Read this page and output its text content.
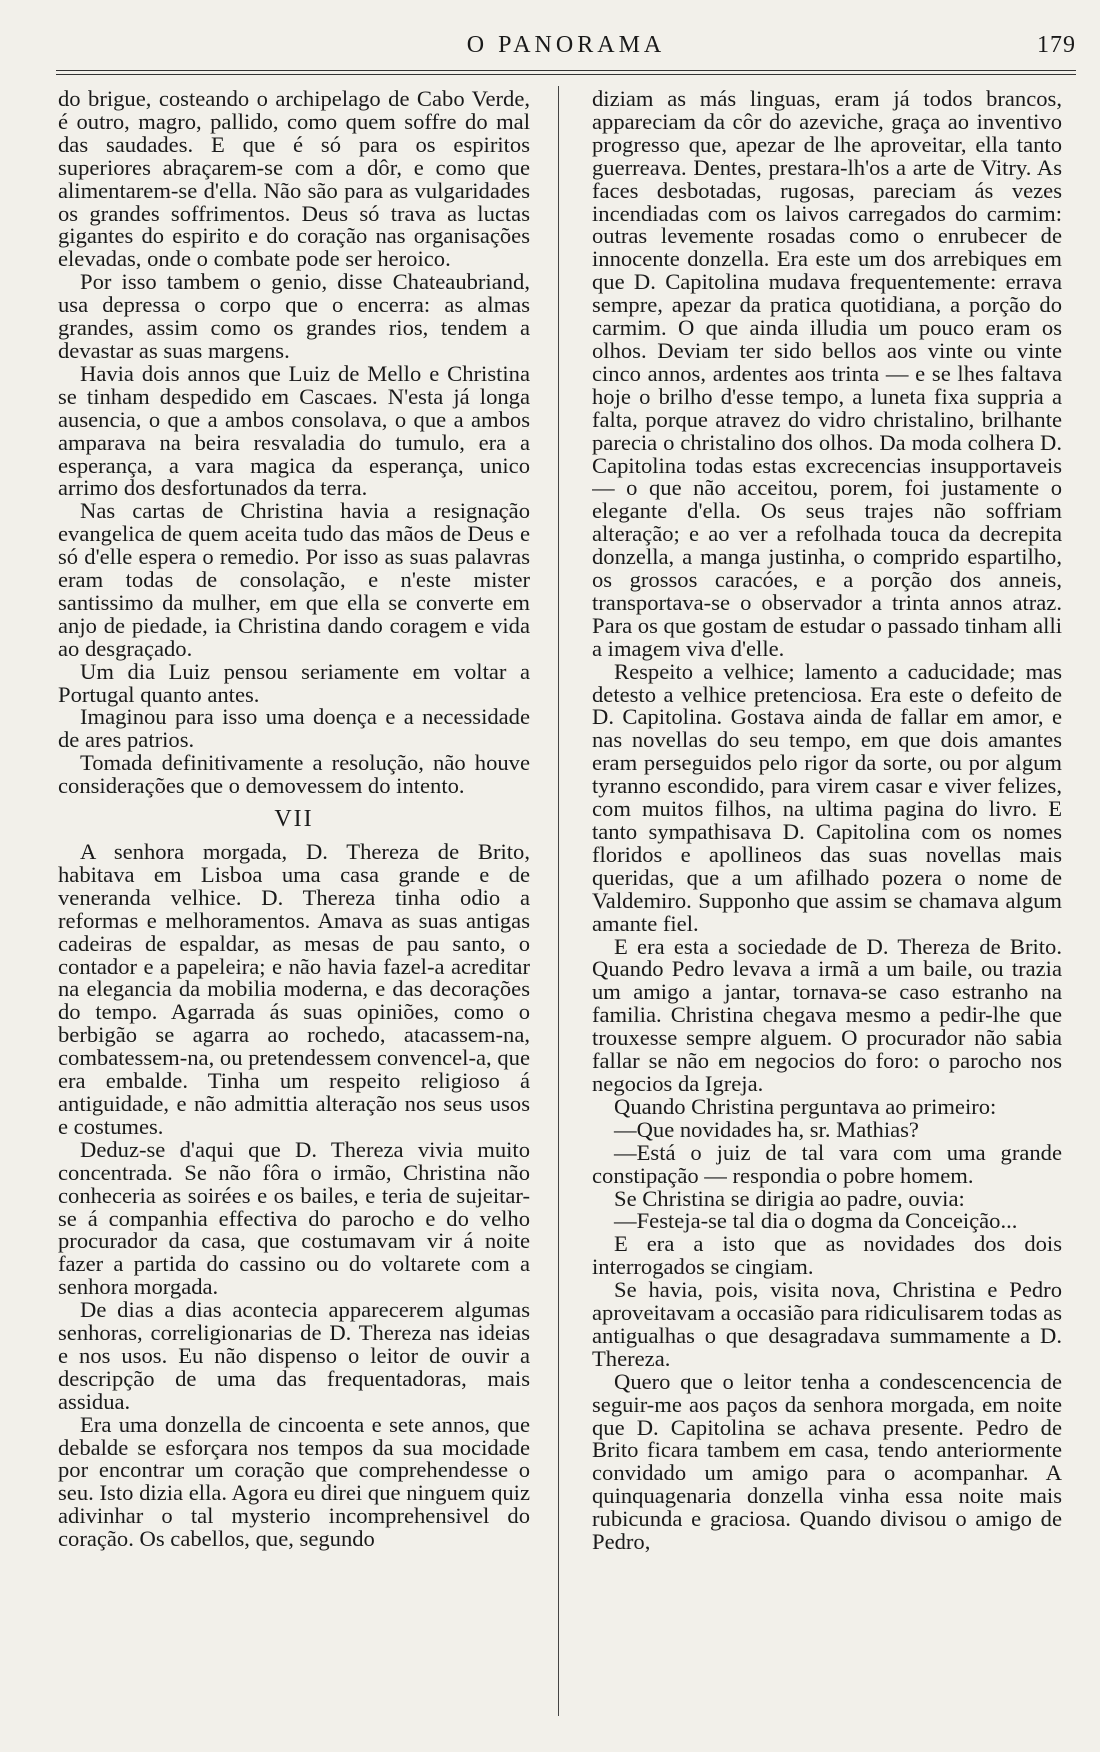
O PANORAMA	179

do brigue, costeando o archipelago de Cabo Verde, é outro, magro, pallido, como quem soffre do mal das saudades. E que é só para os espiritos superiores abraçarem-se com a dôr, e como que alimentarem-se d'ella. Não são para as vulgaridades os grandes soffrimentos. Deus só trava as luctas gigantes do espirito e do coração nas organisações elevadas, onde o combate pode ser heroico.

Por isso tambem o genio, disse Chateaubriand, usa depressa o corpo que o encerra: as almas grandes, assim como os grandes rios, tendem a devastar as suas margens.

Havia dois annos que Luiz de Mello e Christina se tinham despedido em Cascaes. N'esta já longa ausencia, o que a ambos consolava, o que a ambos amparava na beira resvaladia do tumulo, era a esperança, a vara magica da esperança, unico arrimo dos desfortunados da terra.

Nas cartas de Christina havia a resignação evangelica de quem aceita tudo das mãos de Deus e só d'elle espera o remedio. Por isso as suas palavras eram todas de consolação, e n'este mister santissimo da mulher, em que ella se converte em anjo de piedade, ia Christina dando coragem e vida ao desgraçado.

Um dia Luiz pensou seriamente em voltar a Portugal quanto antes.

Imaginou para isso uma doença e a necessidade de ares patrios.

Tomada definitivamente a resolução, não houve considerações que o demovessem do intento.

VII

A senhora morgada, D. Thereza de Brito, habitava em Lisboa uma casa grande e de veneranda velhice. D. Thereza tinha odio a reformas e melhoramentos. Amava as suas antigas cadeiras de espaldar, as mesas de pau santo, o contador e a papeleira; e não havia fazel-a acreditar na elegancia da mobilia moderna, e das decorações do tempo. Agarrada ás suas opiniões, como o berbigão se agarra ao rochedo, atacassem-na, combatessem-na, ou pretendessem convencel-a, que era embalde. Tinha um respeito religioso á antiguidade, e não admittia alteração nos seus usos e costumes.

Deduz-se d'aqui que D. Thereza vivia muito concentrada. Se não fôra o irmão, Christina não conheceria as soirées e os bailes, e teria de sujeitar-se á companhia effectiva do parocho e do velho procurador da casa, que costumavam vir á noite fazer a partida do cassino ou do voltarete com a senhora morgada.

De dias a dias acontecia apparecerem algumas senhoras, correligionarias de D. Thereza nas ideias e nos usos. Eu não dispenso o leitor de ouvir a descripção de uma das frequentadoras, mais assidua.

Era uma donzella de cincoenta e sete annos, que debalde se esforçara nos tempos da sua mocidade por encontrar um coração que comprehendesse o seu. Isto dizia ella. Agora eu direi que ninguem quiz adivinhar o tal mysterio incomprehensivel do coração. Os cabellos, que, segundo

diziam as más linguas, eram já todos brancos, appareciam da côr do azeviche, graça ao inventivo progresso que, apezar de lhe aproveitar, ella tanto guerreava. Dentes, prestara-lh'os a arte de Vitry. As faces desbotadas, rugosas, pareciam ás vezes incendiadas com os laivos carregados do carmim: outras levemente rosadas como o enrubecer de innocente donzella. Era este um dos arrebiques em que D. Capitolina mudava frequentemente: errava sempre, apezar da pratica quotidiana, a porção do carmim. O que ainda illudia um pouco eram os olhos. Deviam ter sido bellos aos vinte ou vinte cinco annos, ardentes aos trinta — e se lhes faltava hoje o brilho d'esse tempo, a luneta fixa suppria a falta, porque atravez do vidro christalino, brilhante parecia o christalino dos olhos. Da moda colhera D. Capitolina todas estas excrecencias insupportaveis — o que não acceitou, porem, foi justamente o elegante d'ella. Os seus trajes não soffriam alteração; e ao ver a refolhada touca da decrepita donzella, a manga justinha, o comprido espartilho, os grossos caracóes, e a porção dos anneis, transportava-se o observador a trinta annos atraz. Para os que gostam de estudar o passado tinham alli a imagem viva d'elle.

Respeito a velhice; lamento a caducidade; mas detesto a velhice pretenciosa. Era este o defeito de D. Capitolina. Gostava ainda de fallar em amor, e nas novellas do seu tempo, em que dois amantes eram perseguidos pelo rigor da sorte, ou por algum tyranno escondido, para virem casar e viver felizes, com muitos filhos, na ultima pagina do livro. E tanto sympathisava D. Capitolina com os nomes floridos e apollineos das suas novellas mais queridas, que a um afilhado pozera o nome de Valdemiro. Supponho que assim se chamava algum amante fiel.

E era esta a sociedade de D. Thereza de Brito. Quando Pedro levava a irmã a um baile, ou trazia um amigo a jantar, tornava-se caso estranho na familia. Christina chegava mesmo a pedir-lhe que trouxesse sempre alguem. O procurador não sabia fallar se não em negocios do foro: o parocho nos negocios da Igreja.

Quando Christina perguntava ao primeiro:

—Que novidades ha, sr. Mathias?

—Está o juiz de tal vara com uma grande constipação — respondia o pobre homem.

Se Christina se dirigia ao padre, ouvia:

—Festeja-se tal dia o dogma da Conceição...

E era a isto que as novidades dos dois interrogados se cingiam.

Se havia, pois, visita nova, Christina e Pedro aproveitavam a occasião para ridiculisarem todas as antigualhas o que desagradava summamente a D. Thereza.

Quero que o leitor tenha a condescencencia de seguir-me aos paços da senhora morgada, em noite que D. Capitolina se achava presente. Pedro de Brito ficara tambem em casa, tendo anteriormente convidado um amigo para o acompanhar. A quinquagenaria donzella vinha essa noite mais rubicunda e graciosa. Quando divisou o amigo de Pedro,
